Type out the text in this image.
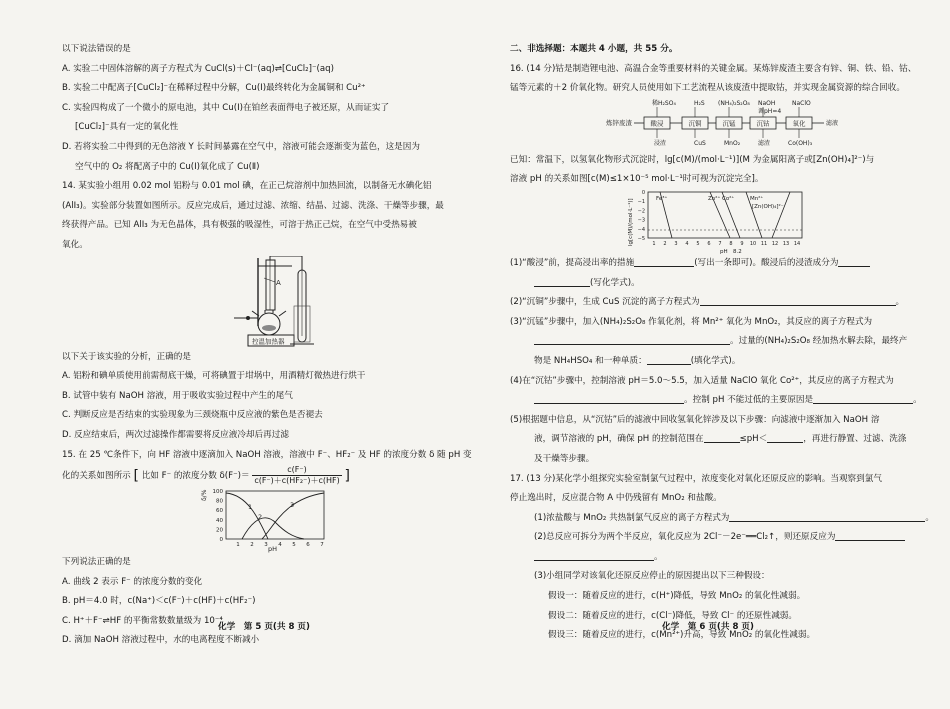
以下说法错误的是

A. 实验二中固体溶解的离子方程式为 CuCl(s)＋Cl⁻(aq)⇌[CuCl₂]⁻(aq)

B. 实验二中配离子[CuCl₂]⁻在稀释过程中分解，Cu(Ⅰ)最终转化为金属铜和 Cu²⁺

C. 实验四构成了一个微小的原电池，其中 Cu(Ⅰ)在铂丝表面得电子被还原，从而证实了

[CuCl₂]⁻具有一定的氧化性

D. 若将实验二中得到的无色溶液 Y 长时间暴露在空气中，溶液可能会逐渐变为蓝色，这是因为

空气中的 O₂ 将配离子中的 Cu(Ⅰ)氧化成了 Cu(Ⅱ)

14. 某实验小组用 0.02 mol 铝粉与 0.01 mol 碘，在正己烷溶剂中加热回流，以制备无水碘化铝

(AlI₃)。实验部分装置如图所示。反应完成后，通过过滤、浓缩、结晶、过滤、洗涤、干燥等步骤，最

终获得产品。已知 AlI₃ 为无色晶体，具有极强的吸湿性，可溶于热正己烷，在空气中受热易被

氧化。

A
控温加热器

以下关于该实验的分析，正确的是

A. 铝粉和碘单质使用前需彻底干燥，可将碘置于坩埚中，用酒精灯微热进行烘干

B. 试管中装有 NaOH 溶液，用于吸收实验过程中产生的尾气

C. 判断反应是否结束的实验现象为三颈烧瓶中反应液的紫色是否褪去

D. 反应结束后，两次过滤操作都需要将反应液冷却后再过滤

15. 在 25 ℃条件下，向 HF 溶液中逐滴加入 NaOH 溶液，溶液中 F⁻、HF₂⁻ 及 HF 的浓度分数 δ 随 pH 变

化的关系如图所示 [ 比如 F⁻ 的浓度分数 $\delta(F^-)= \frac{c(F^-)}{\text{c(F⁻)＋c(HF₂⁻)＋c(HF)}}$ ]

δ/% 100
80
60
40
20
0
1 2 3 4 5 6 7
1
2
3
pH

下列说法正确的是

A. 曲线 2 表示 F⁻ 的浓度分数的变化

B. pH＝4.0 时，c(Na⁺)＜c(F⁻)＋c(HF)＋c(HF₂⁻)

C. H⁺＋F⁻⇌HF 的平衡常数数量级为 10⁻⁴

D. 滴加 NaOH 溶液过程中，水的电离程度不断减小

化学　第 5 页(共 8 页)

二、非选择题：本题共 4 小题，共 55 分。

16. (14 分)钴是制造锂电池、高温合金等重要材料的关键金属。某炼锌废渣主要含有锌、铜、铁、铅、钴、

锰等元素的＋2 价氧化物。研究人员使用如下工艺流程从该废渣中提取钴，并实现金属资源的综合回收。

炼锌废渣	酸浸	沉铜	沉锰	沉钴	氧化
稀H₂SO₄	H₂S (NH₄)₂S₂O₈ NaOH	NaClO
调pH=4
浸渣	CuS	MnO₂	滤渣	Co(OH)₃
滤液

已知：常温下，以氢氧化物形式沉淀时，lg[c(M)/(mol·L⁻¹)](M 为金属阳离子或[Zn(OH)₄]²⁻)与

溶液 pH 的关系如图[c(M)≤1×10⁻⁵ mol·L⁻¹时可视为沉淀完全]。

lg[c(M)/(mol·L⁻¹)]
0
−1
−2
−3
−4
−5
1 2 3 4 5 6 7 8 9 10 11 12 13 14
Fe³⁺	Zn²⁺ Co²⁺	Mn²⁺
[Zn(OH)₄]²⁻
pH 8.2

(1)“酸浸”前，提高浸出率的措施	(写出一条即可)。酸浸后的浸渣成分为

(写化学式)。

(2)“沉铜”步骤中，生成 CuS 沉淀的离子方程式为	。

(3)“沉锰”步骤中，加入(NH₄)₂S₂O₈ 作氧化剂，将 Mn²⁺ 氧化为 MnO₂，其反应的离子方程式为

。过量的(NH₄)₂S₂O₈ 经加热水解去除，最终产

物是 NH₄HSO₄ 和一种单质：	(填化学式)。

(4)在“沉钴”步骤中，控制溶液 pH＝5.0～5.5，加入适量 NaClO 氧化 Co²⁺，其反应的离子方程式为

。控制 pH 不能过低的主要原因是	。

(5)根据题中信息，从“沉钴”后的滤液中回收氢氧化锌涉及以下步骤：向滤液中逐渐加入 NaOH 溶

液，调节溶液的 pH，确保 pH 的控制范围在	≤pH＜	，再进行静置、过滤、洗涤

及干燥等步骤。

17. (13 分)某化学小组探究实验室制氯气过程中，浓度变化对氧化还原反应的影响。当观察到氯气

停止逸出时，反应混合物 A 中仍残留有 MnO₂ 和盐酸。

(1)浓盐酸与 MnO₂ 共热制氯气反应的离子方程式为	。

(2)总反应可拆分为两个半反应，氧化反应为 2Cl⁻－2e⁻══Cl₂↑，则还原反应为

。

(3)小组同学对该氧化还原反应停止的原因提出以下三种假设：

假设一：随着反应的进行，c(H⁺)降低，导致 MnO₂ 的氧化性减弱。

假设二：随着反应的进行，c(Cl⁻)降低，导致 Cl⁻ 的还原性减弱。

假设三：随着反应的进行，c(Mn²⁺)升高，导致 MnO₂ 的氧化性减弱。

化学　第 6 页(共 8 页)
